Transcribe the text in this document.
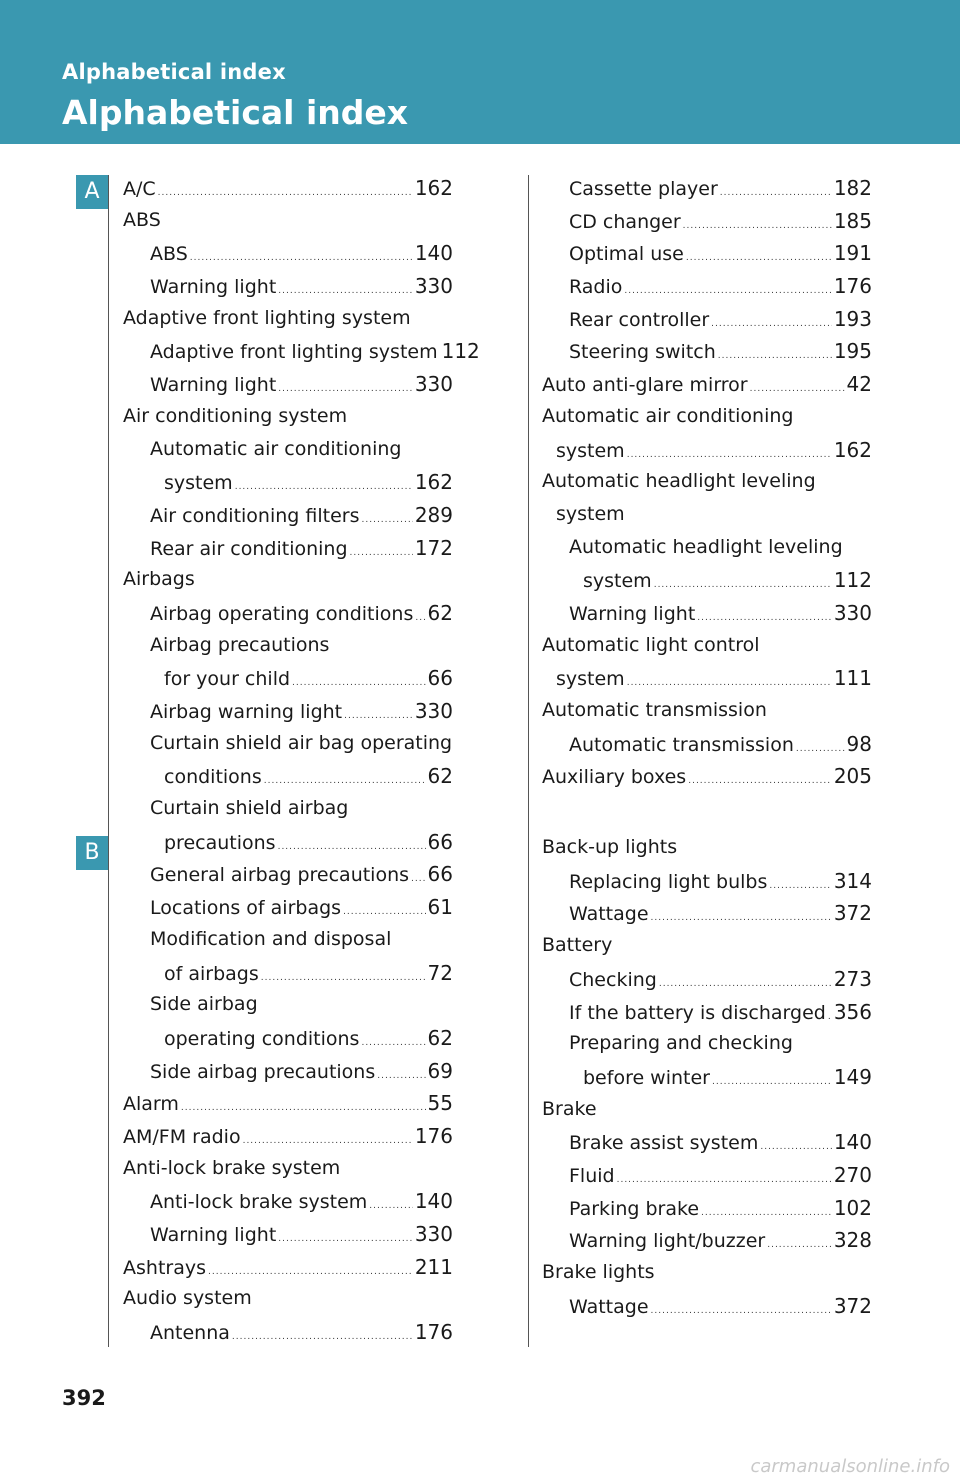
Alphabetical index
Alphabetical index
A
B
A/C .....	162
ABS
ABS .....	140
Warning light .....	330
Adaptive front lighting system
Adaptive front lighting system 112
Warning light .....	330
Air conditioning system
Automatic air conditioning
system .....	162
Air conditioning filters .....	289
Rear air conditioning .....	172
Airbags
Airbag operating conditions ..... 62
Airbag precautions
for your child .....	66
Airbag warning light .....	330
Curtain shield air bag operating
conditions .....	62
Curtain shield airbag
precautions .....	66
General airbag precautions ..... 66
Locations of airbags .....	61
Modification and disposal
of airbags .....	72
Side airbag
operating conditions .....	62
Side airbag precautions .....	69
Alarm .....	55
AM/FM radio .....	176
Anti-lock brake system
Anti-lock brake system ..... 140
Warning light .....	330
Ashtrays .....	211
Audio system
Antenna .....	176
Cassette player .....	182
CD changer .....	185
Optimal use .....	191
Radio .....	176
Rear controller .....	193
Steering switch .....	195
Auto anti-glare mirror .....	42
Automatic air conditioning
system .....	162
Automatic headlight leveling
system
Automatic headlight leveling
system .....	112
Warning light .....	330
Automatic light control
system .....	111
Automatic transmission
Automatic transmission .....	98
Auxiliary boxes .....	205
Back-up lights
Replacing light bulbs .....	314
Wattage .....	372
Battery
Checking .....	273
If the battery is discharged ..... 356
Preparing and checking
before winter .....	149
Brake
Brake assist system .....	140
Fluid .....	270
Parking brake .....	102
Warning light/buzzer .....	328
Brake lights
Wattage .....	372
392
carmanualsonline.info
